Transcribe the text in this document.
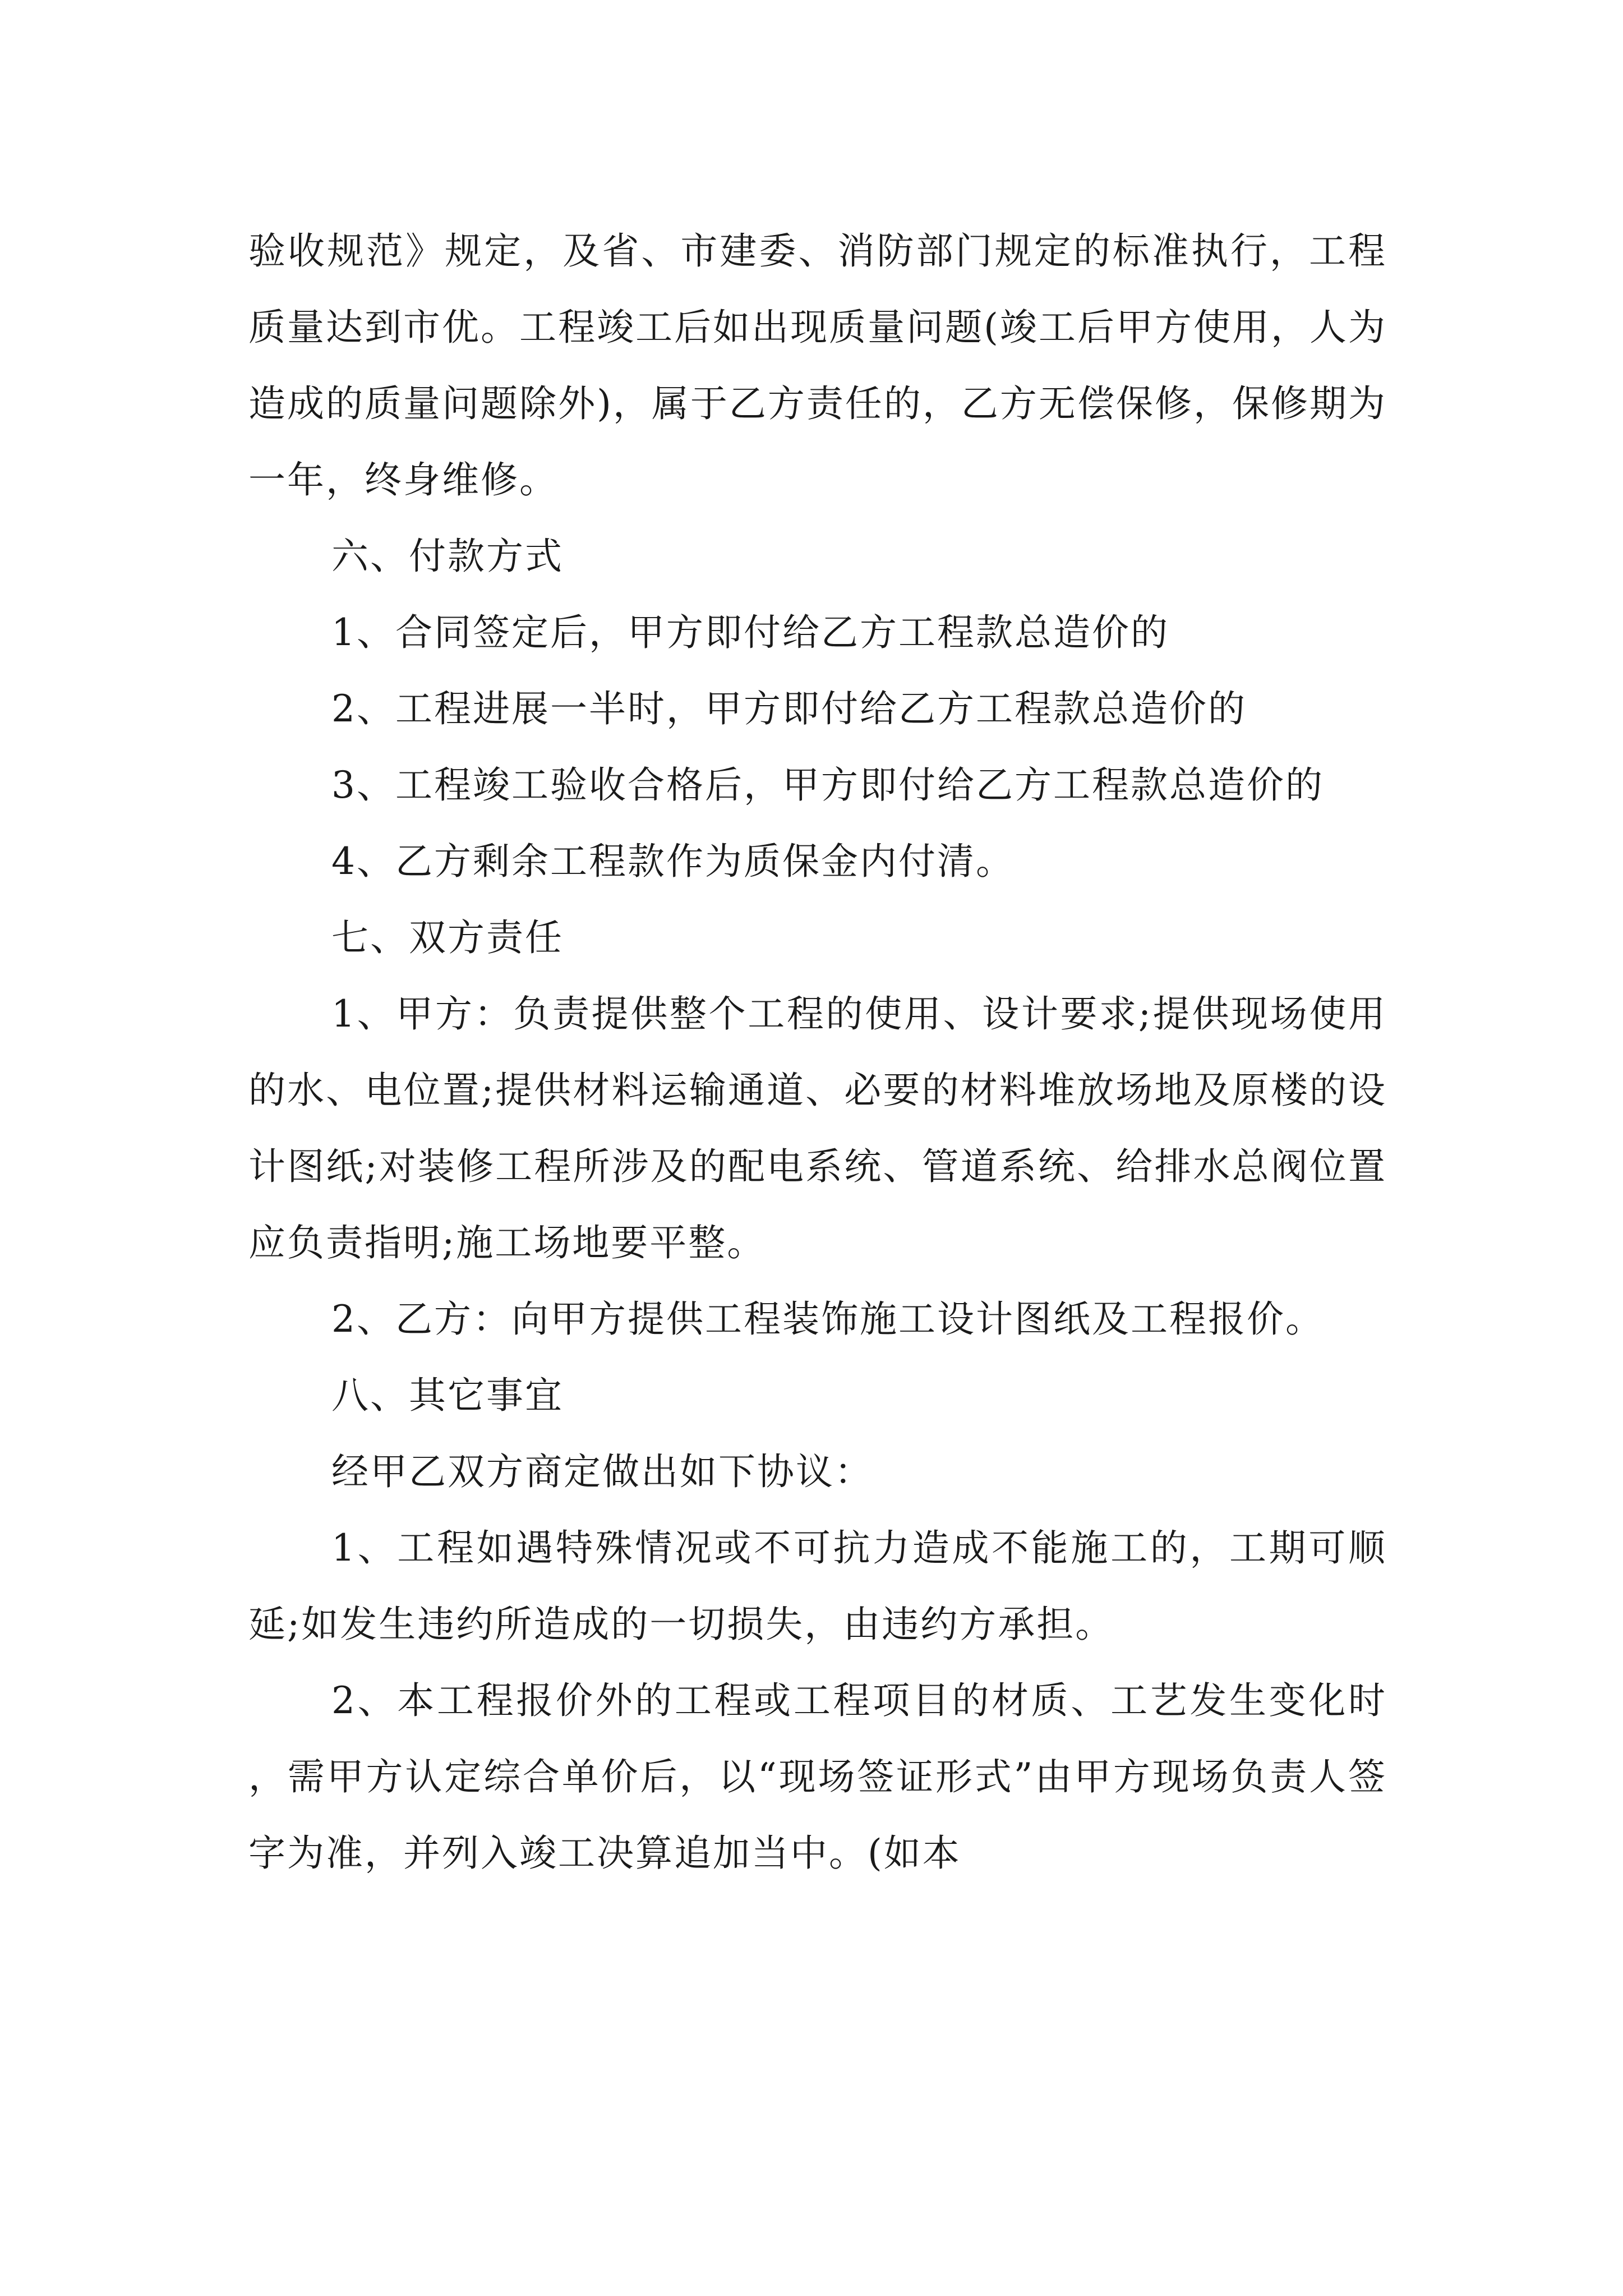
验收规范》规定，及省、市建委、消防部门规定的标准执行，工程质量达到市优。工程竣工后如出现质量问题(竣工后甲方使用，人为造成的质量问题除外)，属于乙方责任的，乙方无偿保修，保修期为一年，终身维修。

六、付款方式

1、合同签定后，甲方即付给乙方工程款总造价的

2、工程进展一半时，甲方即付给乙方工程款总造价的

3、工程竣工验收合格后，甲方即付给乙方工程款总造价的

4、乙方剩余工程款作为质保金内付清。

七、双方责任

1、甲方：负责提供整个工程的使用、设计要求;提供现场使用的水、电位置;提供材料运输通道、必要的材料堆放场地及原楼的设计图纸;对装修工程所涉及的配电系统、管道系统、给排水总阀位置应负责指明;施工场地要平整。

2、乙方：向甲方提供工程装饰施工设计图纸及工程报价。

八、其它事宜

经甲乙双方商定做出如下协议：

1、工程如遇特殊情况或不可抗力造成不能施工的，工期可顺延;如发生违约所造成的一切损失，由违约方承担。

2、本工程报价外的工程或工程项目的材质、工艺发生变化时，需甲方认定综合单价后，以“现场签证形式”由甲方现场负责人签字为准，并列入竣工决算追加当中。(如本
